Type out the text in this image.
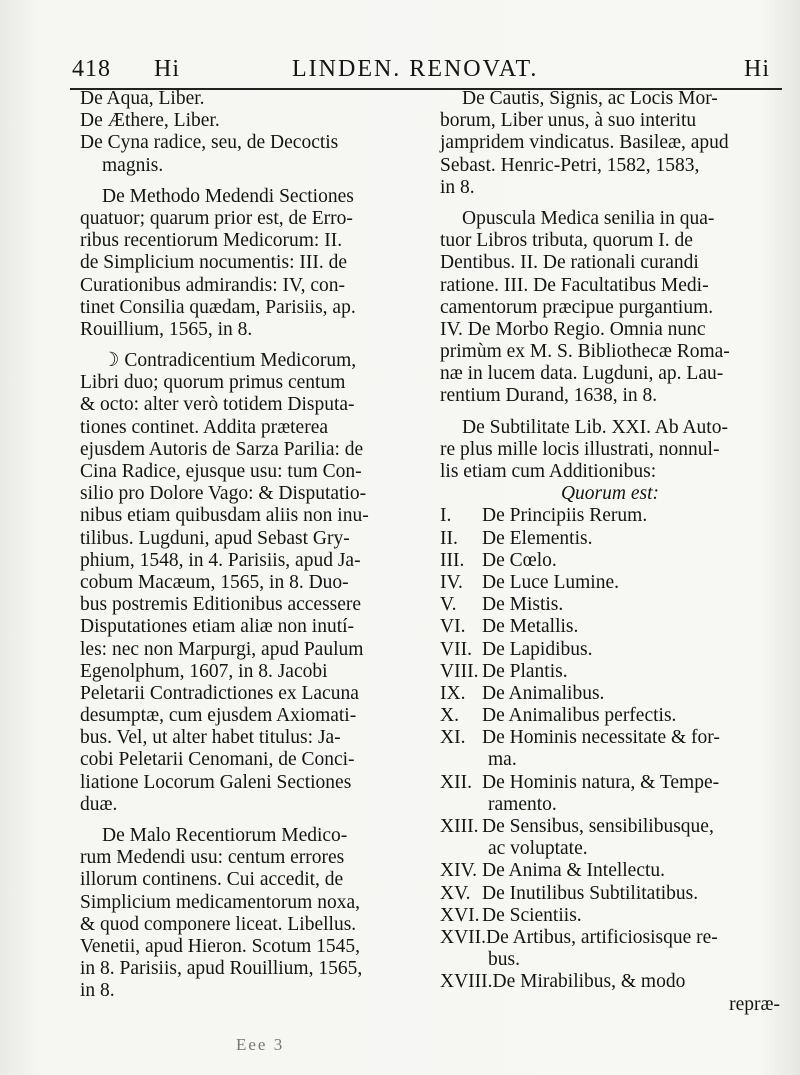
418 Hi	LINDEN. RENOVAT.	Hi
De Aqua, Liber.
De Æthere, Liber.
De Cyna radice, seu, de Decoctis
magnis.
De Methodo Medendi Sectiones
quatuor; quarum prior est, de Erro-
ribus recentiorum Medicorum: II.
de Simplicium nocumentis: III. de
Curationibus admirandis: IV, con-
tinet Consilia quædam, Parisiis, ap.
Rouillium, 1565, in 8.
☽ Contradicentium Medicorum,
Libri duo; quorum primus centum
& octo: alter verò totidem Disputa-
tiones continet. Addita præterea
ejusdem Autoris de Sarza Parilia: de
Cina Radice, ejusque usu: tum Con-
silio pro Dolore Vago: & Disputatio-
nibus etiam quibusdam aliis non inu-
tilibus. Lugduni, apud Sebast Gry-
phium, 1548, in 4. Parisiis, apud Ja-
cobum Macæum, 1565, in 8. Duo-
bus postremis Editionibus accessere
Disputationes etiam aliæ non inutí-
les: nec non Marpurgi, apud Paulum
Egenolphum, 1607, in 8. Jacobi
Peletarii Contradictiones ex Lacuna
desumptæ, cum ejusdem Axiomati-
bus. Vel, ut alter habet titulus: Ja-
cobi Peletarii Cenomani, de Conci-
liatione Locorum Galeni Sectiones
duæ.
De Malo Recentiorum Medico-
rum Medendi usu: centum errores
illorum continens. Cui accedit, de
Simplicium medicamentorum noxa,
& quod componere liceat. Libellus.
Venetii, apud Hieron. Scotum 1545,
in 8. Parisiis, apud Rouillium, 1565,
in 8.
De Cautis, Signis, ac Locis Mor-
borum, Liber unus, à suo interitu
jampridem vindicatus. Basileæ, apud
Sebast. Henric-Petri, 1582, 1583,
in 8.
Opuscula Medica senilia in qua-
tuor Libros tributa, quorum I. de
Dentibus. II. De rationali curandi
ratione. III. De Facultatibus Medi-
camentorum præcipue purgantium.
IV. De Morbo Regio. Omnia nunc
primùm ex M. S. Bibliothecæ Roma-
næ in lucem data. Lugduni, ap. Lau-
rentium Durand, 1638, in 8.
De Subtilitate Lib. XXI. Ab Auto-
re plus mille locis illustrati, nonnul-
lis etiam cum Additionibus:
Quorum est:
I.De Principiis Rerum.
II.De Elementis.
III.De Cœlo.
IV.De Luce Lumine.
V.De Mistis.
VI.De Metallis.
VII.De Lapidibus.
VIII.De Plantis.
IX.De Animalibus.
X.De Animalibus perfectis.
XI.De Hominis necessitate & for-
ma.
XII.De Hominis natura, & Tempe-
ramento.
XIII.De Sensibus, sensibilibusque,
ac voluptate.
XIV.De Anima & Intellectu.
XV.De Inutilibus Subtilitatibus.
XVI.De Scientiis.
XVII.De Artibus, artificiosisque re-
bus.
XVIII.De Mirabilibus, & modo
repræ-
Eee 3
